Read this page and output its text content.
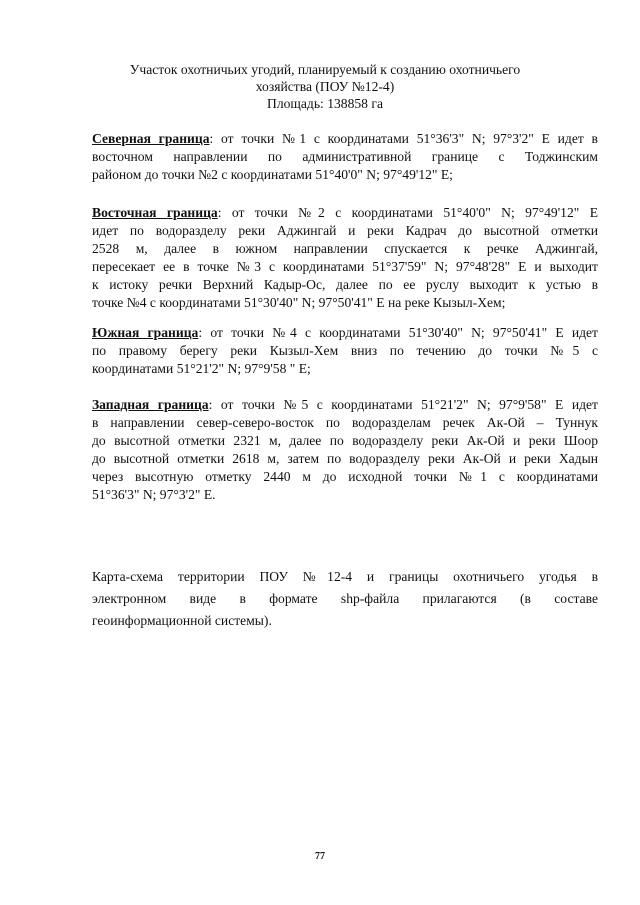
Участок охотничьих угодий, планируемый к созданию охотничьего
хозяйства (ПОУ №12-4)
Площадь: 138858 га
Северная граница: от точки №1 с координатами 51°36'3" N; 97°3'2" E идет в
восточном направлении по административной границе с Тоджинским
районом до точки №2 с координатами 51°40'0" N; 97°49'12" E;
Восточная граница: от точки №2 с координатами 51°40'0" N; 97°49'12" E
идет по водоразделу реки Аджингай и реки Кадрач до высотной отметки
2528 м, далее в южном направлении спускается к речке Аджингай,
пересекает ее в точке №3 с координатами 51°37'59" N; 97°48'28" E и выходит
к истоку речки Верхний Кадыр-Ос, далее по ее руслу выходит к устью в
точке №4 с координатами 51°30'40" N; 97°50'41" E на реке Кызыл-Хем;
Южная граница: от точки №4 с координатами 51°30'40" N; 97°50'41" E идет
по правому берегу реки Кызыл-Хем вниз по течению до точки №5 с
координатами 51°21'2" N; 97°9'58 " E;
Западная граница: от точки №5 с координатами 51°21'2" N; 97°9'58" E идет
в направлении север-северо-восток по водоразделам речек Ак-Ой – Туннук
до высотной отметки 2321 м, далее по водоразделу реки Ак-Ой и реки Шоор
до высотной отметки 2618 м, затем по водоразделу реки Ак-Ой и реки Хадын
через высотную отметку 2440 м до исходной точки №1 с координатами
51°36'3" N; 97°3'2" E.
Карта-схема территории ПОУ №12-4 и границы охотничьего угодья в
электронном виде в формате shp-файла прилагаются (в составе
геоинформационной системы).
77
